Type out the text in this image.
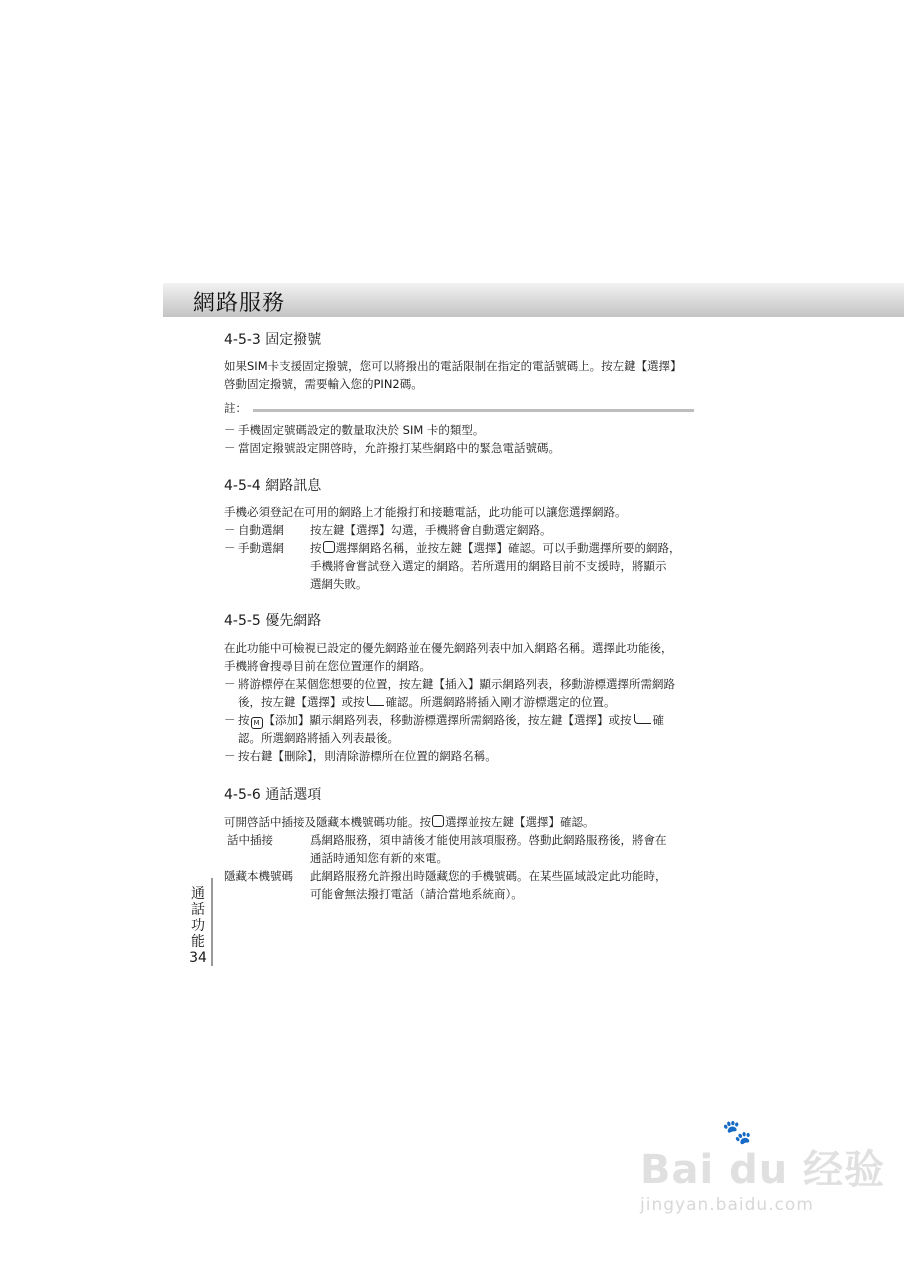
網路服務
4-5-3 固定撥號
如果SIM卡支援固定撥號，您可以將撥出的電話限制在指定的電話號碼上。按左鍵【選擇】
啓動固定撥號，需要輸入您的PIN2碼。
註：
－ 手機固定號碼設定的數量取決於 SIM 卡的類型。
－ 當固定撥號設定開啓時，允許撥打某些網路中的緊急電話號碼。
4-5-4 網路訊息
手機必須登記在可用的網路上才能撥打和接聽電話，此功能可以讓您選擇網路。
－ 自動選網 按左鍵【選擇】勾選，手機將會自動選定網路。
－ 手動選網 按 選擇網路名稱，並按左鍵【選擇】確認。可以手動選擇所要的網路，
手機將會嘗試登入選定的網路。若所選用的網路目前不支援時，將顯示
選網失敗。
4-5-5 優先網路
在此功能中可檢視已設定的優先網路並在優先網路列表中加入網路名稱。選擇此功能後，
手機將會搜尋目前在您位置運作的網路。
－ 將游標停在某個您想要的位置，按左鍵【插入】顯示網路列表，移動游標選擇所需網路
後，按左鍵【選擇】或按 確認。所選網路將插入剛才游標選定的位置。
－ 按 M 【添加】顯示網路列表，移動游標選擇所需網路後，按左鍵【選擇】或按 確
認。所選網路將插入列表最後。
－ 按右鍵【刪除】，則清除游標所在位置的網路名稱。
4-5-6 通話選項
可開啓話中插接及隱藏本機號碼功能。按 選擇並按左鍵【選擇】確認。
話中插接	爲網路服務，須申請後才能使用該項服務。啓動此網路服務後，將會在
通話時通知您有新的來電。
隱藏本機號碼 此網路服務允許撥出時隱藏您的手機號碼。在某些區域設定此功能時，
可能會無法撥打電話（請洽當地系統商）。
通
話
功
能
34
🐾
Bai du 经验
jingyan.baidu.com
